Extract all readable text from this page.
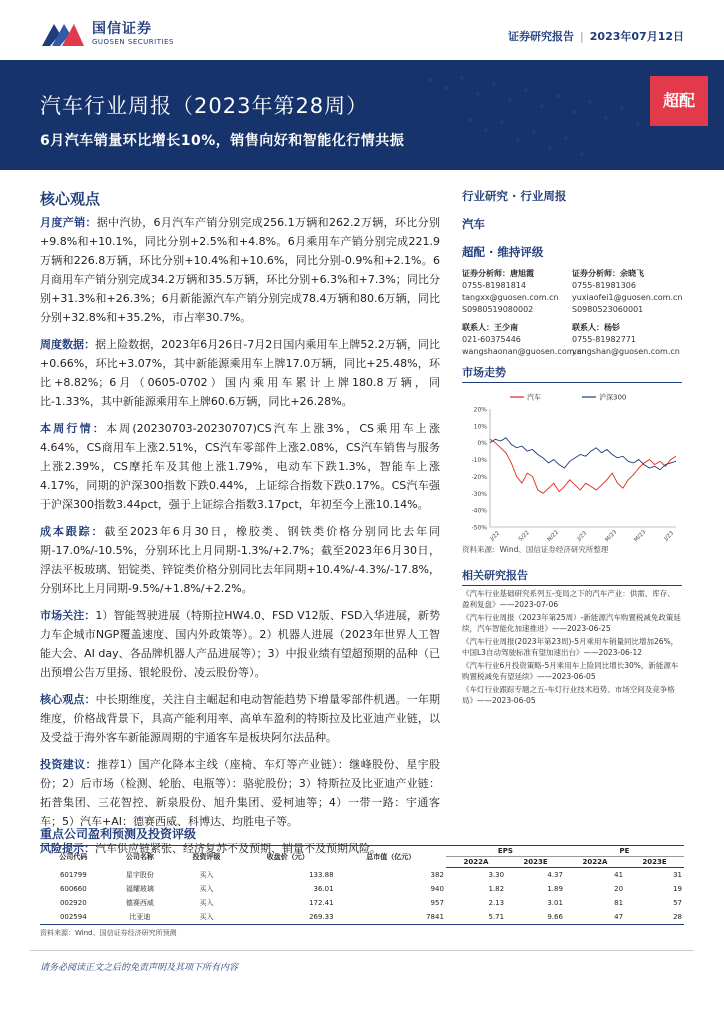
国信证券
GUOSEN SECURITIES	证券研究报告 | 2023年07月12日
汽车行业周报（2023年第28周）
6月汽车销量环比增长10%，销售向好和智能化行情共振
超配
核心观点
月度产销：据中汽协，6月汽车产销分别完成256.1万辆和262.2万辆，环比分别+9.8%和+10.1%，同比分别+2.5%和+4.8%。6月乘用车产销分别完成221.9万辆和226.8万辆，环比分别+10.4%和+10.6%，同比分别-0.9%和+2.1%。6月商用车产销分别完成34.2万辆和35.5万辆，环比分别+6.3%和+7.3%；同比分别+31.3%和+26.3%；6月新能源汽车产销分别完成78.4万辆和80.6万辆，同比分别+32.8%和+35.2%，市占率30.7%。
周度数据：据上险数据，2023年6月26日-7月2日国内乘用车上牌52.2万辆，同比+0.66%，环比+3.07%，其中新能源乘用车上牌17.0万辆，同比+25.48%，环比+8.82%；6月（0605-0702）国内乘用车累计上牌180.8万辆，同比-1.33%，其中新能源乘用车上牌60.6万辆，同比+26.28%。
本周行情：本周(20230703-20230707)CS汽车上涨3%，CS乘用车上涨4.64%，CS商用车上涨2.51%，CS汽车零部件上涨2.08%，CS汽车销售与服务上涨2.39%，CS摩托车及其他上涨1.79%，电动车下跌1.3%，智能车上涨4.17%，同期的沪深300指数下跌0.44%，上证综合指数下跌0.17%。CS汽车强于沪深300指数3.44pct，强于上证综合指数3.17pct，年初至今上涨10.14%。
成本跟踪：截至2023年6月30日，橡胶类、钢铁类价格分别同比去年同期-17.0%/-10.5%，分别环比上月同期-1.3%/+2.7%；截至2023年6月30日，浮法平板玻璃、铝锭类、锌锭类价格分别同比去年同期+10.4%/-4.3%/-17.8%，分别环比上月同期-9.5%/+1.8%/+2.2%。
市场关注：1）智能驾驶进展（特斯拉HW4.0、FSD V12版、FSD入华进展，新势力车企城市NGP覆盖速度、国内外政策等）。2）机器人进展（2023年世界人工智能大会、AI day、各品牌机器人产品进展等）；3）中报业绩有望超预期的品种（已出预增公告万里扬、银轮股份、凌云股份等）。
核心观点：中长期维度，关注自主崛起和电动智能趋势下增量零部件机遇。一年期维度，价格战背景下，具高产能利用率、高单车盈利的特斯拉及比亚迪产业链，以及受益于海外客车新能源周期的宇通客车是板块阿尔法品种。
投资建议：推荐1）国产化降本主线（座椅、车灯等产业链）：继峰股份、星宇股份；2）后市场（检测、轮胎、电瓶等）：骆驼股份；3）特斯拉及比亚迪产业链：拓普集团、三花智控、新泉股份、旭升集团、爱柯迪等；4）一带一路：宇通客车；5）汽车+AI：德赛西威、科博达、均胜电子等。
风险提示：汽车供应链紧张、经济复苏不及预期、销量不及预期风险。
行业研究 · 行业周报
汽车
超配 · 维持评级
证券分析师：唐旭霞
0755-81981814
tangxx@guosen.com.cn
S0980519080002
证券分析师：余晓飞
0755-81981306
yuxiaofei1@guosen.com.cn
S0980523060001
联系人：王少南
021-60375446
wangshaonan@guosen.com.cn
联系人：杨钐
0755-81982771
yangshan@guosen.com.cn
市场走势
20%
10%
0%
-10%
-20%
-30%
-40%
-50%
J/22	S/22	N/22	J/23	M/23	M/23	J/23
汽车	沪深300
资料来源：Wind、国信证券经济研究所整理
相关研究报告
《汽车行业基础研究系列五-变局之下的汽车产业：供需、库存、盈利复盘》——2023-07-06
《汽车行业周报（2023年第25周）-新能源汽车购置税减免政策延续，汽车智能化加速推进》——2023-06-25
《汽车行业周报(2023年第23周)-5月乘用车销量同比增加26%，中国L3自动驾驶标准有望加速出台》——2023-06-12
《汽车行业6月投资策略-5月乘用车上险同比增长30%，新能源车购置税减免有望延续》——2023-06-05
《车灯行业跟踪专题之五-车灯行业技术趋势、市场空间及竞争格局》——2023-06-05
重点公司盈利预测及投资评级
公司代码	公司名称	投资评级	收盘价（元）	总市值（亿元）	EPS		PE	
					2022A	2023E	2022A	2023E
601799	星宇股份	买入	133.88	382	3.30	4.37	41	31
600660	福耀玻璃	买入	36.01	940	1.82	1.89	20	19
002920	德赛西威	买入	172.41	957	2.13	3.01	81	57
002594	比亚迪	买入	269.33	7841	5.71	9.66	47	28
资料来源：Wind、国信证券经济研究所预测
请务必阅读正文之后的免责声明及其项下所有内容
